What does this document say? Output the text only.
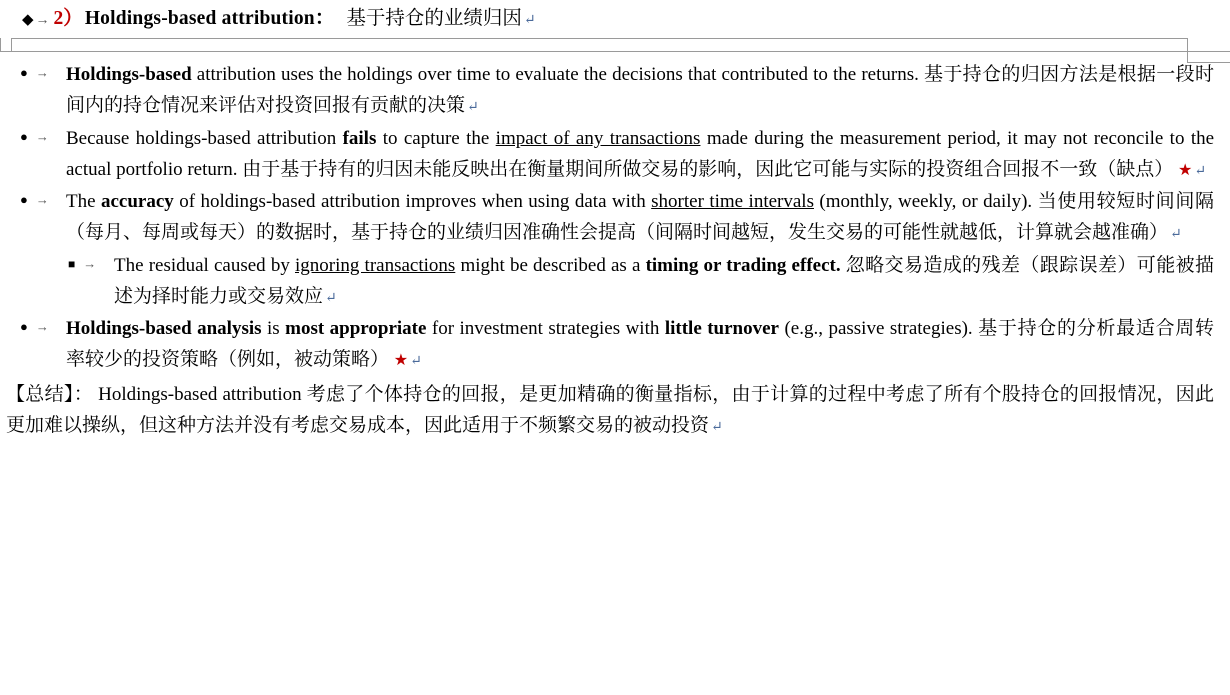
◆ → 2） Holdings-based attribution ： 基于持仓的业绩归因 ↵
● → Holdings-based attribution uses the holdings over time to evaluate the decisions that contributed to the returns. 基于持仓的归因方法是根据一段时间内的持仓情况来评估对投资回报有贡献的决策 ↵
● → Because holdings-based attribution fails to capture the impact of any transactions made during the measurement period, it may not reconcile to the actual portfolio return. 由于基于持有的归因未能反映出在衡量期间所做交易的影响，因此它可能与实际的投资组合回报不一致（缺点） ★ ↵
● → The accuracy of holdings-based attribution improves when using data with shorter time intervals (monthly, weekly, or daily). 当使用较短时间间隔（每月、每周或每天）的数据时，基于持仓的业绩归因准确性会提高（间隔时间越短，发生交易的可能性就越低，计算就会越准确） ↵
■ → The residual caused by ignoring transactions might be described as a timing or trading effect. 忽略交易造成的残差（跟踪误差）可能被描述为择时能力或交易效应 ↵
● → Holdings-based analysis is most appropriate for investment strategies with little turnover (e.g., passive strategies). 基于持仓的分析最适合周转率较少的投资策略（例如，被动策略） ★ ↵
【总结】： Holdings-based attribution 考虑了个体持仓的回报，是更加精确的衡量指标，由于计算的过程中考虑了所有个股持仓的回报情况，因此更加难以操纵，但这种方法并没有考虑交易成本，因此适用于不频繁交易的被动投资 ↵
